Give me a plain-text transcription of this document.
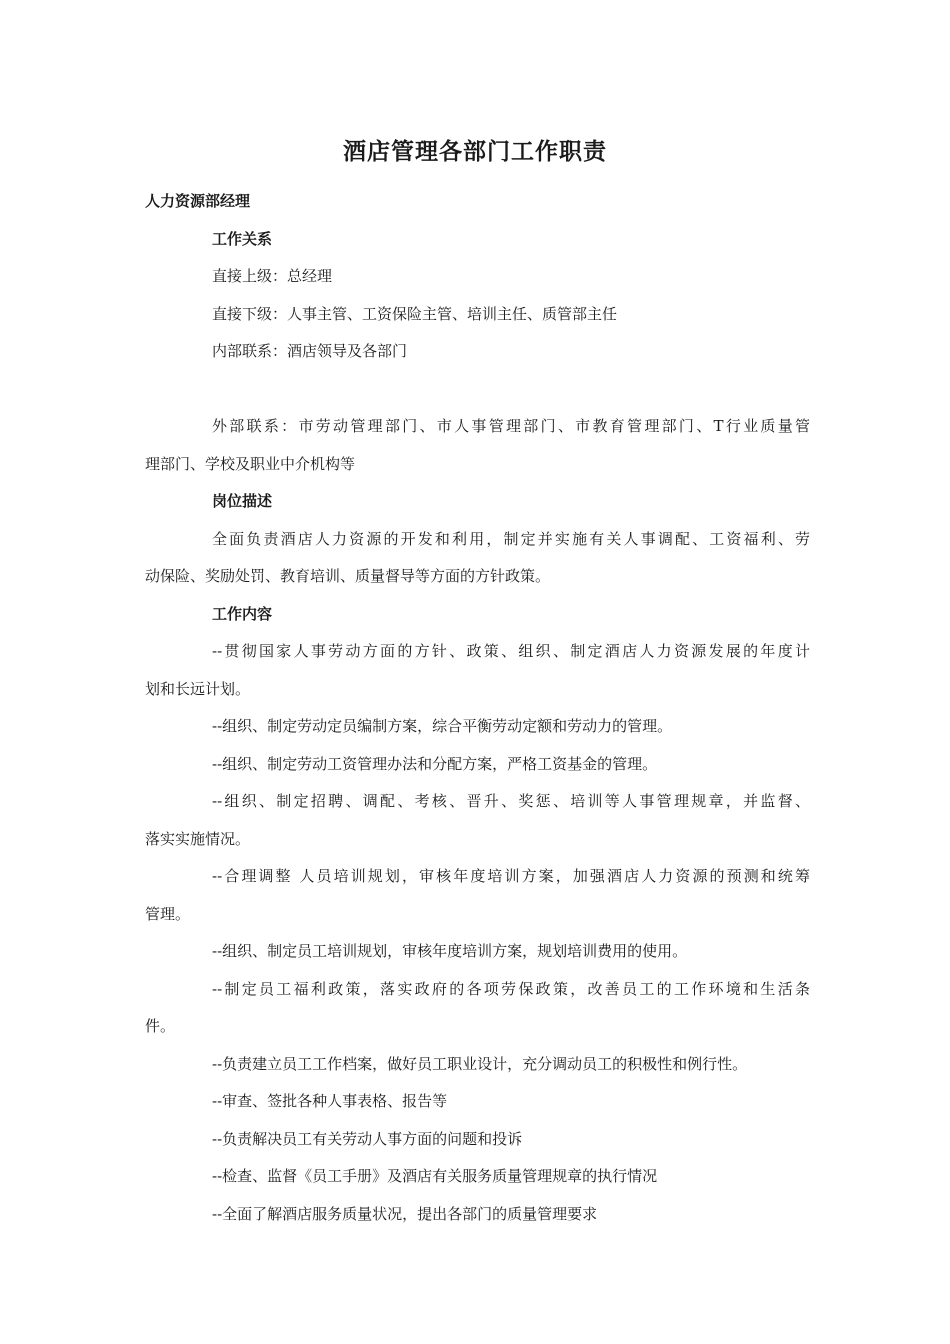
酒店管理各部门工作职责
人力资源部经理
工作关系
直接上级：总经理
直接下级：人事主管、工资保险主管、培训主任、质管部主任
内部联系：酒店领导及各部门
外部联系：市劳动管理部门、市人事管理部门、市教育管理部门、T行业质量管
理部门、学校及职业中介机构等
岗位描述
全面负责酒店人力资源的开发和利用，制定并实施有关人事调配、工资福利、劳
动保险、奖励处罚、教育培训、质量督导等方面的方针政策。
工作内容
--贯彻国家人事劳动方面的方针、政策、组织、制定酒店人力资源发展的年度计
划和长远计划。
--组织、制定劳动定员编制方案，综合平衡劳动定额和劳动力的管理。
--组织、制定劳动工资管理办法和分配方案，严格工资基金的管理。
--组织、制定招聘、调配、考核、晋升、奖惩、培训等人事管理规章，并监督、
落实实施情况。
--合理调整 人员培训规划，审核年度培训方案，加强酒店人力资源的预测和统筹
管理。
--组织、制定员工培训规划，审核年度培训方案，规划培训费用的使用。
--制定员工福利政策，落实政府的各项劳保政策，改善员工的工作环境和生活条
件。
--负责建立员工工作档案，做好员工职业设计，充分调动员工的积极性和例行性。
--审查、签批各种人事表格、报告等
--负责解决员工有关劳动人事方面的问题和投诉
--检查、监督《员工手册》及酒店有关服务质量管理规章的执行情况
--全面了解酒店服务质量状况，提出各部门的质量管理要求
